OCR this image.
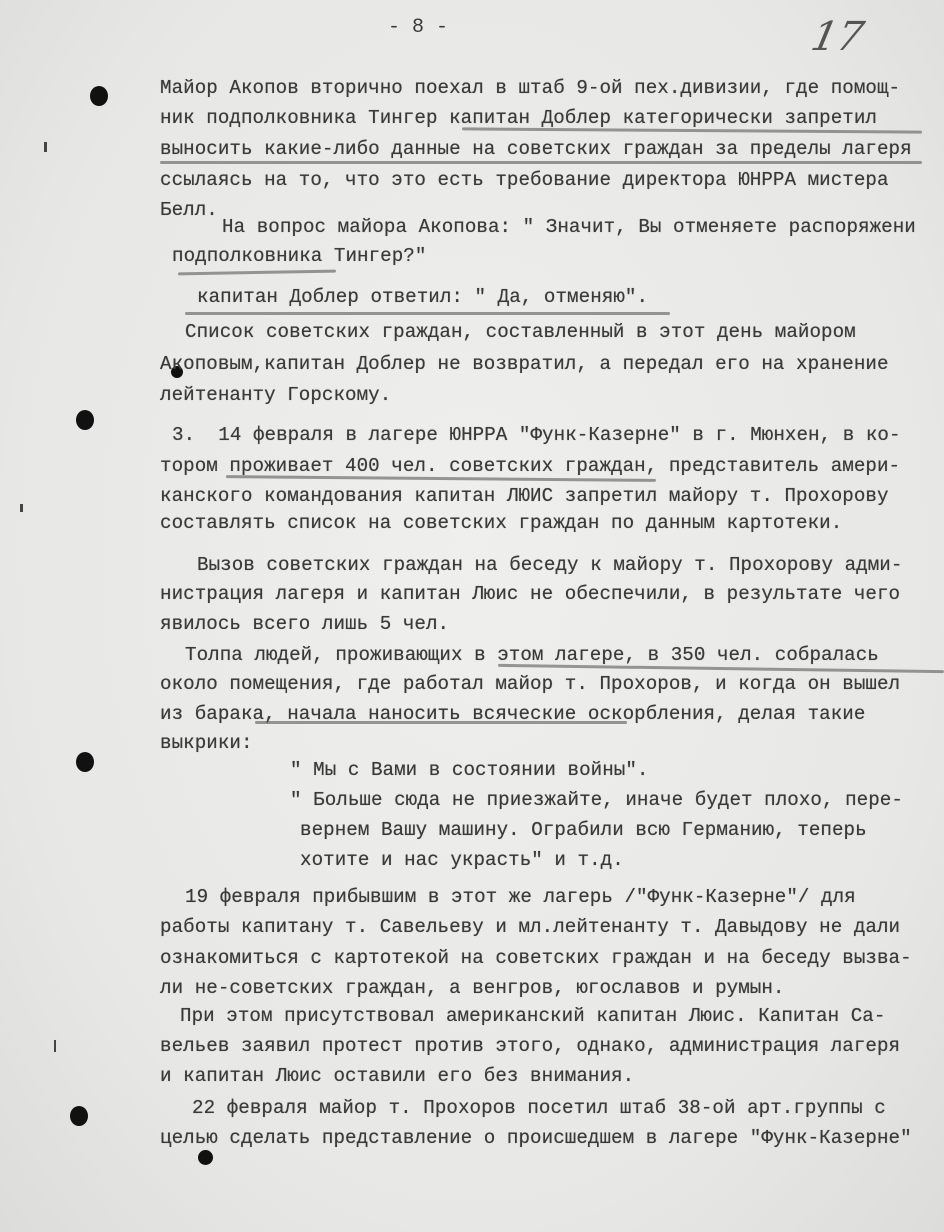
- 8 -	17
Майор Акопов вторично поехал в штаб 9-ой пех.дивизии, где помощ-
ник подполковника Тингер капитан Доблер категорически запретил
выносить какие-либо данные на советских граждан за пределы лагеря
ссылаясь на то, что это есть требование директора ЮНРРА мистера
Белл.
На вопрос майора Акопова: " Значит, Вы отменяете распоряжени
подполковника Тингер?"
капитан Доблер ответил: " Да, отменяю".
Список советских граждан, составленный в этот день майором
Акоповым,капитан Доблер не возвратил, а передал его на хранение
лейтенанту Горскому.
3.  14 февраля в лагере ЮНРРА "Функ-Казерне" в г. Мюнхен, в ко-
тором проживает 400 чел. советских граждан, представитель амери-
канского командования капитан ЛЮИС запретил майору т. Прохорову
составлять список на советских граждан по данным картотеки.
Вызов советских граждан на беседу к майору т. Прохорову адми-
нистрация лагеря и капитан Люис не обеспечили, в результате чего
явилось всего лишь 5 чел.
Толпа людей, проживающих в этом лагере, в 350 чел. собралась
около помещения, где работал майор т. Прохоров, и когда он вышел
из барака, начала наносить всяческие оскорбления, делая такие
выкрики:
" Мы с Вами в состоянии войны".
" Больше сюда не приезжайте, иначе будет плохо, пере-
вернем Вашу машину. Ограбили всю Германию, теперь
хотите и нас украсть" и т.д.
19 февраля прибывшим в этот же лагерь /"Функ-Казерне"/ для
работы капитану т. Савельеву и мл.лейтенанту т. Давыдову не дали
ознакомиться с картотекой на советских граждан и на беседу вызва-
ли не-советских граждан, а венгров, югославов и румын.
При этом присутствовал американский капитан Люис. Капитан Са-
вельев заявил протест против этого, однако, администрация лагеря
и капитан Люис оставили его без внимания.
22 февраля майор т. Прохоров посетил штаб 38-ой арт.группы с
целью сделать представление о происшедшем в лагере "Функ-Казерне"
